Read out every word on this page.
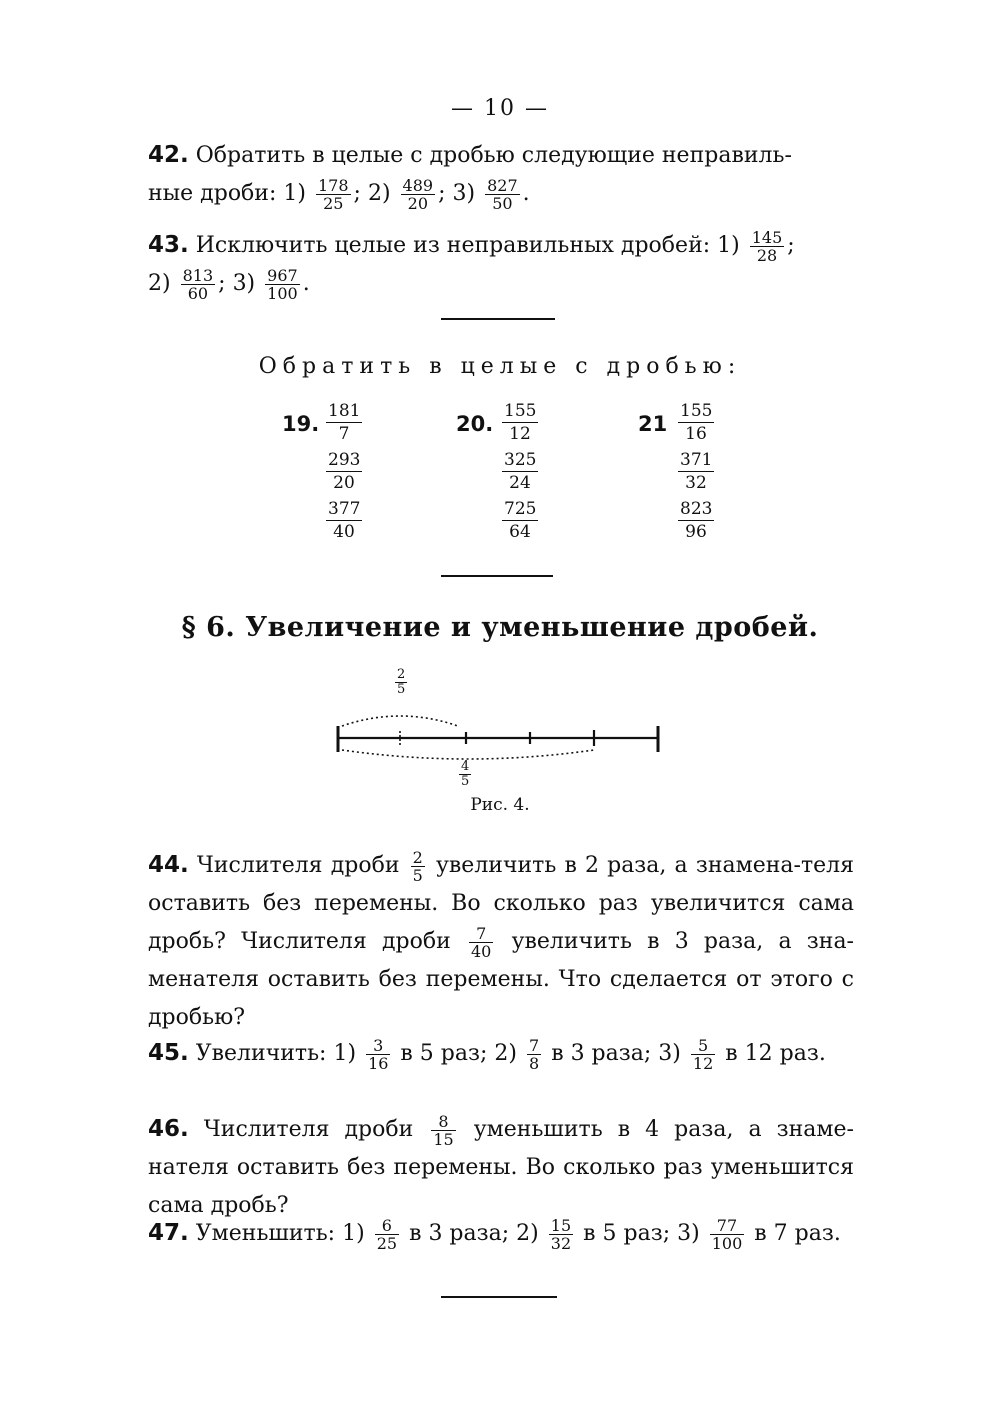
— 10 —
42. Обратить в целые с дробью следующие неправиль-
ные дроби: $1) \frac{178}{25}$ ; $2) \frac{489}{20}$ ; $3) \frac{827}{50}$ .
43. Исключить целые из неправильных дробей: $1) \frac{145}{28}$ ;
$2) \frac{813}{60}$ ; $3) \frac{967}{100}$ .
Обратить в целые с дробью:
19.
181
7
293
20
377
40
20.
155
12
325
24
725
64
21
155
16
371
32
823
96
§ 6. Увеличение и уменьшение дробей.
$\frac{2}{5}$
$\frac{4}{5}$
Рис. 4.
44. Числителя дроби $\frac{2}{5}$ увеличить в 2 раза, а знамена-теля оставить без перемены. Во сколько раз увеличится сама дробь? Числителя дроби $\frac{7}{40}$ увеличить в 3 раза, а зна-менателя оставить без перемены. Что сделается от этого с дробью?
45. Увеличить: $1) \frac{3}{16}$ в 5 раз; $2) \frac{7}{8}$ в 3 раза; $3) \frac{5}{12}$ в 12 раз.
46. Числителя дроби $\frac{8}{15}$ уменьшить в 4 раза, а знаме-нателя оставить без перемены. Во сколько раз уменьшится сама дробь?
47. Уменьшить: $1) \frac{6}{25}$ в 3 раза; $2) \frac{15}{32}$ в 5 раз; $3) \frac{77}{100}$ в 7 раз.
